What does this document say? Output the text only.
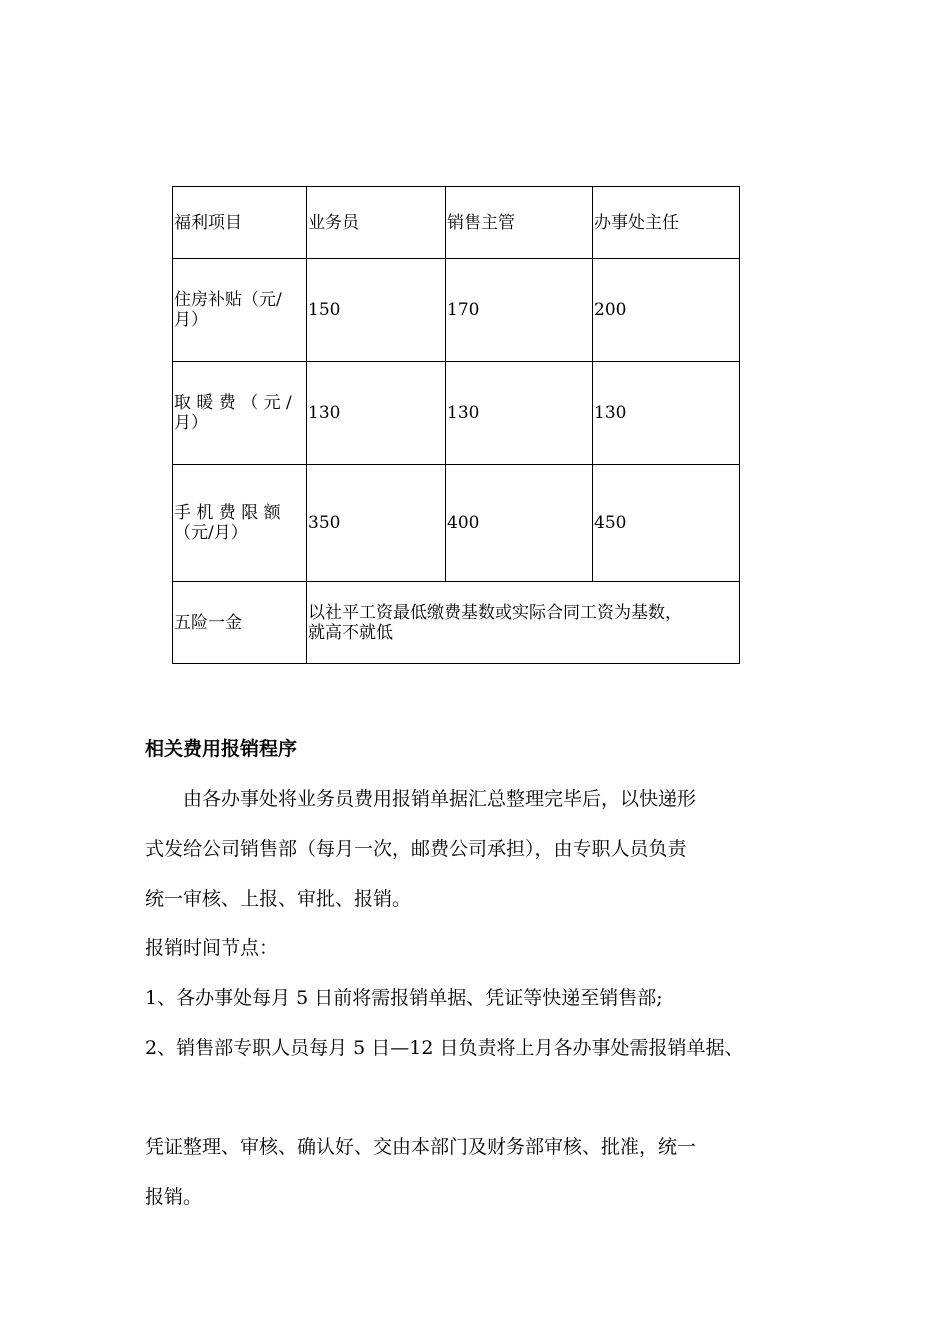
福利项目	业务员	销售主管	办事处主任

住房补贴（元/
月）	150	170	200

取 暖 费 （ 元 /
月）	130	130	130

手 机 费 限 额
（元/月）	350	400	450
五险一金	以社平工资最低缴费基数或实际合同工资为基数，
就高不就低		
相关费用报销程序

　　由各办事处将业务员费用报销单据汇总整理完毕后，以快递形

式发给公司销售部（每月一次，邮费公司承担），由专职人员负责

统一审核、上报、审批、报销。

报销时间节点：

1、各办事处每月 5 日前将需报销单据、凭证等快递至销售部;

2、销售部专职人员每月 5 日—12 日负责将上月各办事处需报销单据、

凭证整理、审核、确认好、交由本部门及财务部审核、批准，统一

报销。
